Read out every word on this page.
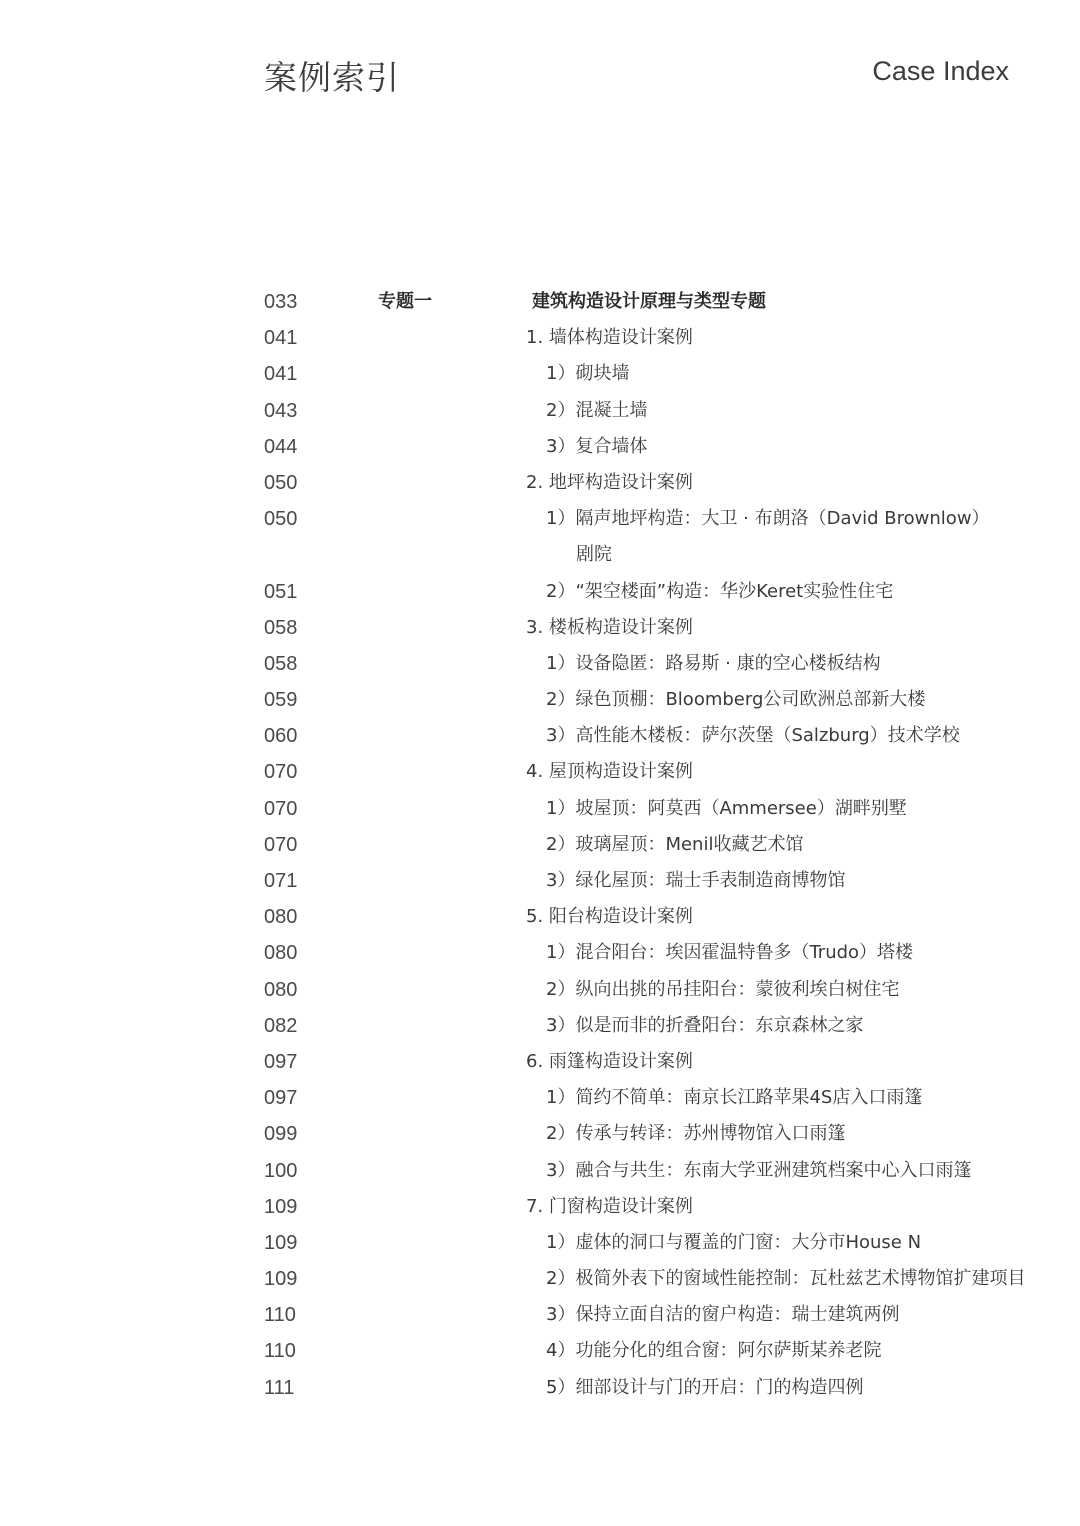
案例索引	Case Index
033	专题一	建筑构造设计原理与类型专题
041	1. 墙体构造设计案例
041	1）砌块墙
043	2）混凝土墙
044	3）复合墙体
050	2. 地坪构造设计案例
050	1）隔声地坪构造：大卫 · 布朗洛（David Brownlow）
剧院
051	2）“架空楼面”构造：华沙Keret实验性住宅
058	3. 楼板构造设计案例
058	1）设备隐匿：路易斯 · 康的空心楼板结构
059	2）绿色顶棚：Bloomberg公司欧洲总部新大楼
060	3）高性能木楼板：萨尔茨堡（Salzburg）技术学校
070	4. 屋顶构造设计案例
070	1）坡屋顶：阿莫西（Ammersee）湖畔别墅
070	2）玻璃屋顶：Menil收藏艺术馆
071	3）绿化屋顶：瑞士手表制造商博物馆
080	5. 阳台构造设计案例
080	1）混合阳台：埃因霍温特鲁多（Trudo）塔楼
080	2）纵向出挑的吊挂阳台：蒙彼利埃白树住宅
082	3）似是而非的折叠阳台：东京森林之家
097	6. 雨篷构造设计案例
097	1）简约不简单：南京长江路苹果4S店入口雨篷
099	2）传承与转译：苏州博物馆入口雨篷
100	3）融合与共生：东南大学亚洲建筑档案中心入口雨篷
109	7. 门窗构造设计案例
109	1）虚体的洞口与覆盖的门窗：大分市House N
109	2）极简外表下的窗域性能控制：瓦杜兹艺术博物馆扩建项目
110	3）保持立面自洁的窗户构造：瑞士建筑两例
110	4）功能分化的组合窗：阿尔萨斯某养老院
111	5）细部设计与门的开启：门的构造四例
